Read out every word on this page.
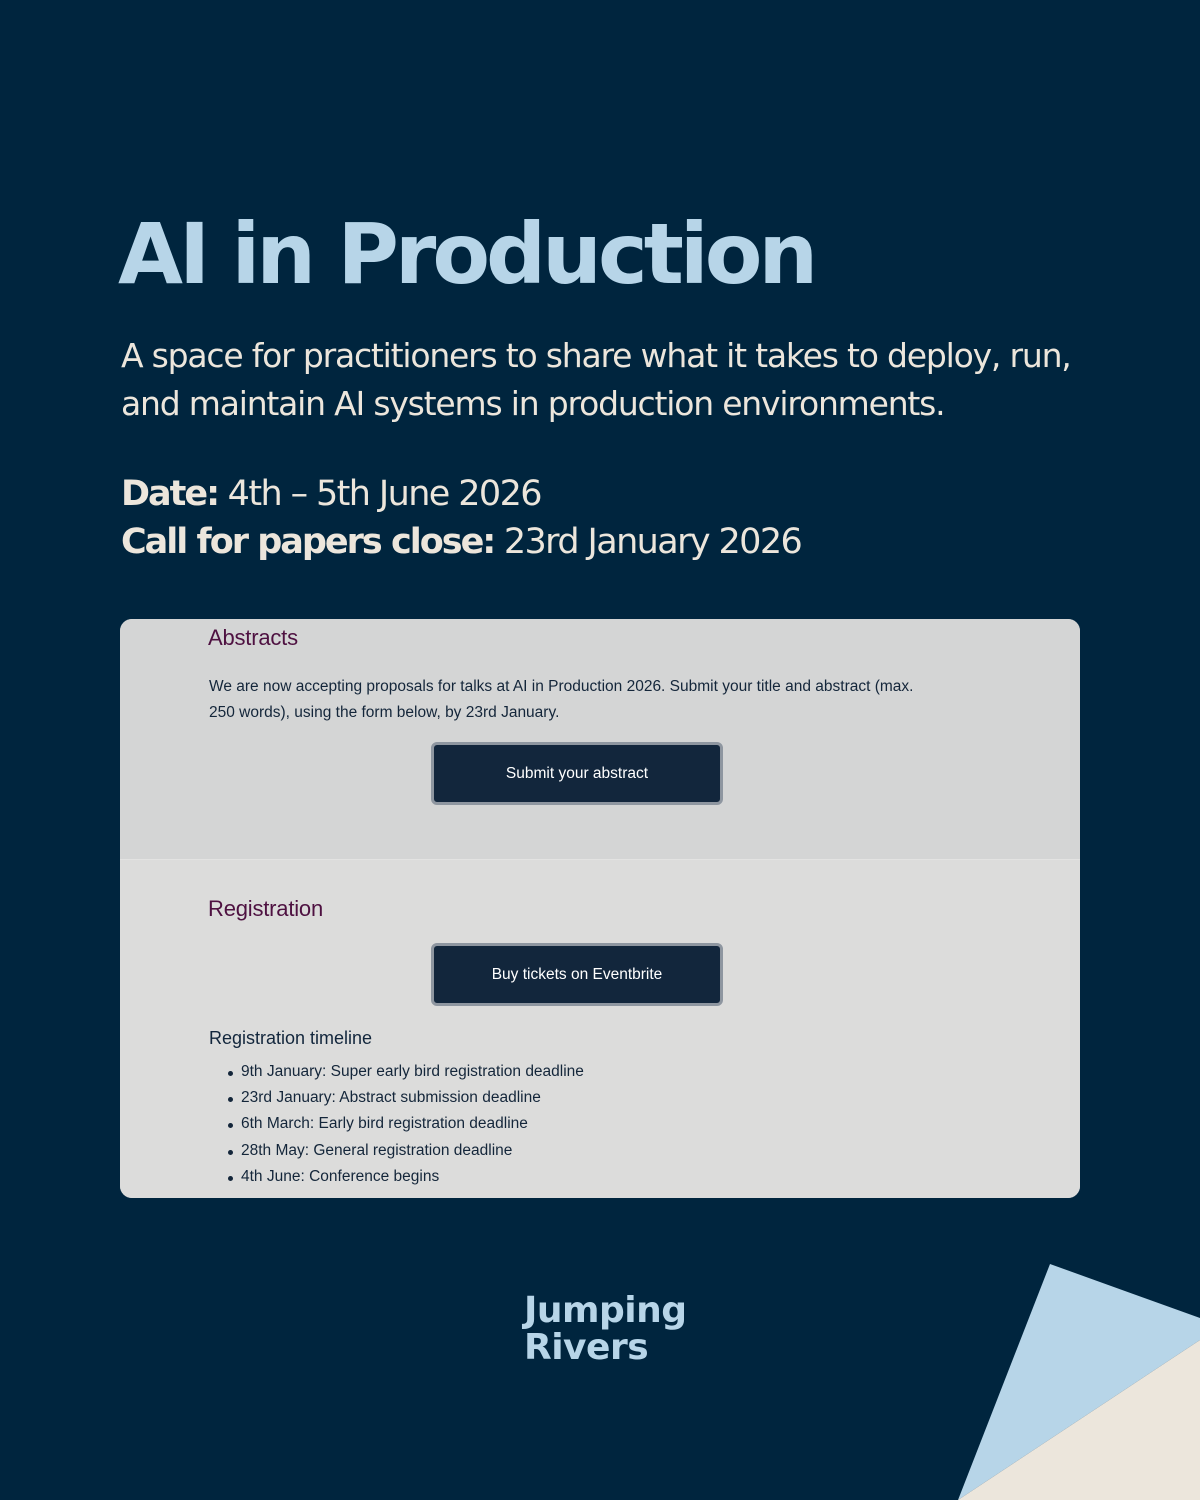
AI in Production

A space for practitioners to share what it takes to deploy, run, and maintain AI systems in production environments.

Date: 4th – 5th June 2026

Call for papers close: 23rd January 2026

Abstracts

We are now accepting proposals for talks at AI in Production 2026. Submit your title and abstract (max. 250 words), using the form below, by 23rd January.

Submit your abstract
Registration
Buy tickets on Eventbrite
Registration timeline
9th January: Super early bird registration deadline
23rd January: Abstract submission deadline
6th March: Early bird registration deadline
28th May: General registration deadline
4th June: Conference begins
Jumping
Rivers
